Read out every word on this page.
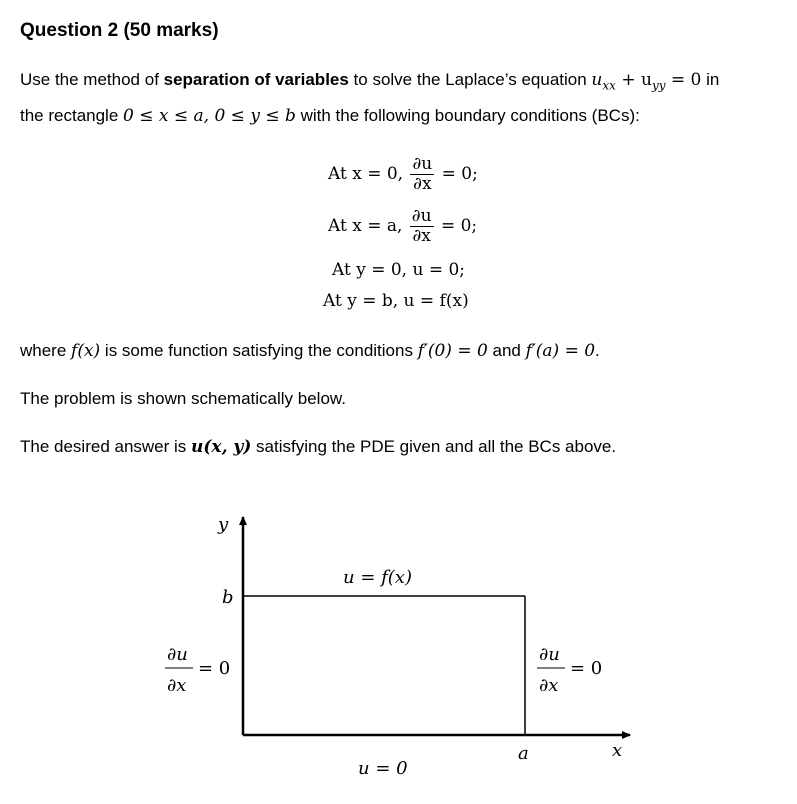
Question 2 (50 marks)
Use the method of separation of variables to solve the Laplace’s equation $u_{xx} + u_{yy} = 0$ in
the rectangle 0 ≤ x ≤ a, 0 ≤ y ≤ b with the following boundary conditions (BCs):
At x = 0, $\frac{\partial u}{\partial x} = 0$;
At x = a, $\frac{\partial u}{\partial x} = 0$;
At y = 0, u = 0;
At y = b, u = f(x)
where f(x) is some function satisfying the conditions f′(0) = 0 and f′(a) = 0.
The problem is shown schematically below.
The desired answer is u(x, y) satisfying the PDE given and all the BCs above.
y
b
u = f(x)
∂u
∂x
= 0
∂u
∂x
= 0
a	x
u = 0
